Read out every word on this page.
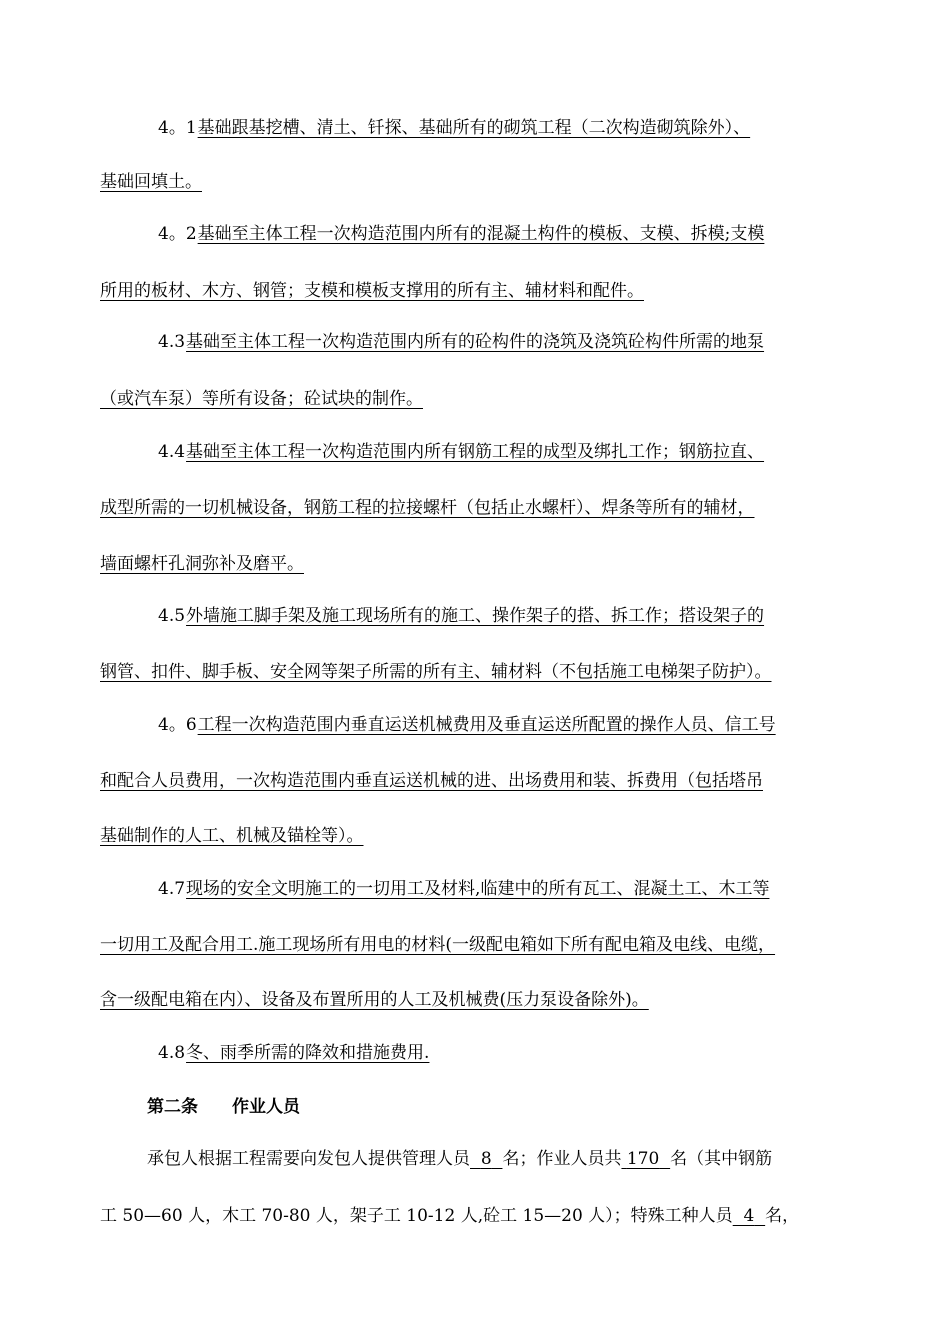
4。1基础跟基挖槽、清土、钎探、基础所有的砌筑工程（二次构造砌筑除外）、
基础回填土。
4。2基础至主体工程一次构造范围内所有的混凝土构件的模板、支模、拆模;支模
所用的板材、木方、钢管；支模和模板支撑用的所有主、辅材料和配件。
4.3基础至主体工程一次构造范围内所有的砼构件的浇筑及浇筑砼构件所需的地泵
（或汽车泵）等所有设备；砼试块的制作。
4.4基础至主体工程一次构造范围内所有钢筋工程的成型及绑扎工作；钢筋拉直、
成型所需的一切机械设备，钢筋工程的拉接螺杆（包括止水螺杆）、焊条等所有的辅材，
墙面螺杆孔洞弥补及磨平。
4.5外墙施工脚手架及施工现场所有的施工、操作架子的搭、拆工作；搭设架子的
钢管、扣件、脚手板、安全网等架子所需的所有主、辅材料（不包括施工电梯架子防护）。
4。6工程一次构造范围内垂直运送机械费用及垂直运送所配置的操作人员、信工号
和配合人员费用，一次构造范围内垂直运送机械的进、出场费用和装、拆费用（包括塔吊
基础制作的人工、机械及锚栓等）。
4.7现场的安全文明施工的一切用工及材料,临建中的所有瓦工、混凝土工、木工等
一切用工及配合用工.施工现场所有用电的材料(一级配电箱如下所有配电箱及电线、电缆，
含一级配电箱在内）、设备及布置所用的人工及机械费(压力泵设备除外)。
4.8冬、雨季所需的降效和措施费用.
第二条 作业人员
承包人根据工程需要向发包人提供管理人员 8 名；作业人员共 170 名（其中钢筋
工 50—60 人，木工 70-80 人，架子工 10-12 人,砼工 15—20 人）；特殊工种人员 4 名，
